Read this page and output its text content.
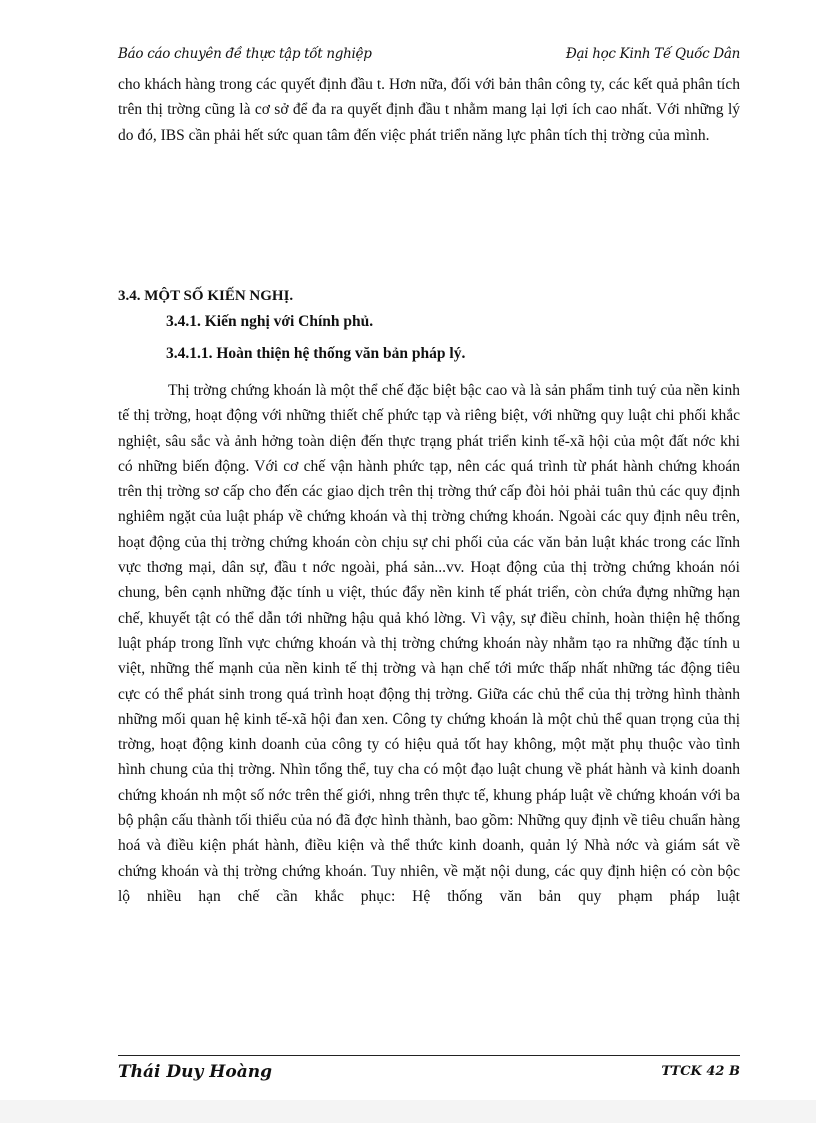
Báo cáo chuyên đề thực tập tốt nghiệp	Đại học Kinh Tế Quốc Dân

cho khách hàng trong các quyết định đầu t. Hơn nữa, đối với bản thân công ty, các kết quả phân tích trên thị trờng cũng là cơ sở để đa ra quyết định đầu t nhằm mang lại lợi ích cao nhất. Với những lý do đó, IBS cần phải hết sức quan tâm đến việc phát triển năng lực phân tích thị trờng của mình.

3.4. MỘT SỐ KIẾN NGHỊ.
3.4.1. Kiến nghị với Chính phủ.
3.4.1.1. Hoàn thiện hệ thống văn bản pháp lý.

Thị trờng chứng khoán là một thể chế đặc biệt bậc cao và là sản phẩm tinh tuý của nền kinh tế thị trờng, hoạt động với những thiết chế phức tạp và riêng biệt, với những quy luật chi phối khắc nghiệt, sâu sắc và ảnh hởng toàn diện đến thực trạng phát triển kinh tế-xã hội của một đất nớc khi có những biến động. Với cơ chế vận hành phức tạp, nên các quá trình từ phát hành chứng khoán trên thị trờng sơ cấp cho đến các giao dịch trên thị trờng thứ cấp đòi hỏi phải tuân thủ các quy định nghiêm ngặt của luật pháp về chứng khoán và thị trờng chứng khoán. Ngoài các quy định nêu trên, hoạt động của thị trờng chứng khoán còn chịu sự chi phối của các văn bản luật khác trong các lĩnh vực thơng mại, dân sự, đầu t nớc ngoài, phá sản...vv. Hoạt động của thị trờng chứng khoán nói chung, bên cạnh những đặc tính u việt, thúc đẩy nền kinh tế phát triển, còn chứa đựng những hạn chế, khuyết tật có thể dẫn tới những hậu quả khó lờng. Vì vậy, sự điều chỉnh, hoàn thiện hệ thống luật pháp trong lĩnh vực chứng khoán và thị trờng chứng khoán này nhằm tạo ra những đặc tính u việt, những thế mạnh của nền kinh tế thị trờng và hạn chế tới mức thấp nhất những tác động tiêu cực có thể phát sinh trong quá trình hoạt động thị trờng. Giữa các chủ thể của thị trờng hình thành những mối quan hệ kinh tế-xã hội đan xen. Công ty chứng khoán là một chủ thể quan trọng của thị trờng, hoạt động kinh doanh của công ty có hiệu quả tốt hay không, một mặt phụ thuộc vào tình hình chung của thị trờng. Nhìn tổng thể, tuy cha có một đạo luật chung về phát hành và kinh doanh chứng khoán nh một số nớc trên thế giới, nhng trên thực tế, khung pháp luật về chứng khoán với ba bộ phận cấu thành tối thiểu của nó đã đợc hình thành, bao gồm: Những quy định về tiêu chuẩn hàng hoá và điều kiện phát hành, điều kiện và thể thức kinh doanh, quản lý Nhà nớc và giám sát về chứng khoán và thị trờng chứng khoán. Tuy nhiên, về mặt nội dung, các quy định hiện có còn bộc lộ nhiều hạn chế cần khắc phục: Hệ thống văn bản quy phạm pháp luật

Thái Duy Hoàng	TTCK 42 B
